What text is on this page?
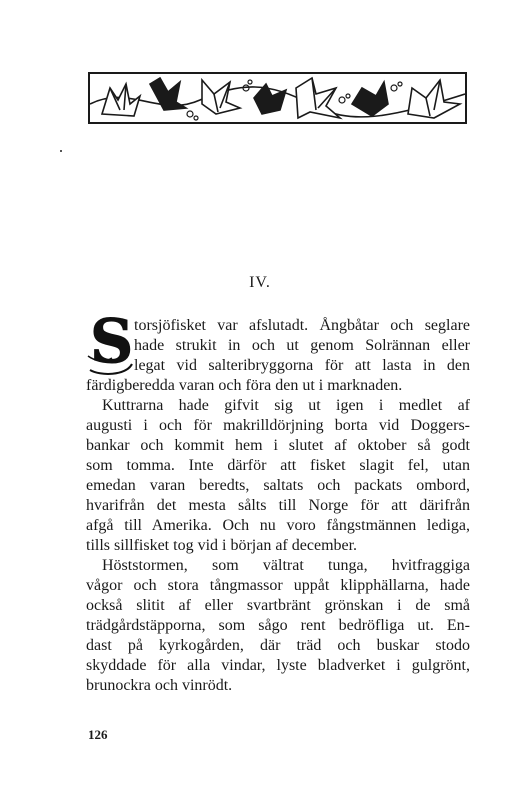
IV.
S torsjöfisket var afslutadt. Ångbåtar och seglare
hade strukit in och ut genom Solrännan eller
legat vid salteribryggorna för att lasta in den
färdigberedda varan och föra den ut i marknaden.
Kuttrarna hade gifvit sig ut igen i medlet af
augusti i och för makrilldörjning borta vid Doggers-
bankar och kommit hem i slutet af oktober så godt
som tomma. Inte därför att fisket slagit fel, utan
emedan varan beredts, saltats och packats ombord,
hvarifrån det mesta sålts till Norge för att därifrån
afgå till Amerika. Och nu voro fångstmännen lediga,
tills sillfisket tog vid i början af december.
Höststormen, som vältrat tunga, hvitfraggiga
vågor och stora tångmassor uppåt klipphällarna, hade
också slitit af eller svartbränt grönskan i de små
trädgårdstäpporna, som sågo rent bedröfliga ut. En-
dast på kyrkogården, där träd och buskar stodo
skyddade för alla vindar, lyste bladverket i gulgrönt,
brunockra och vinrödt.
126
